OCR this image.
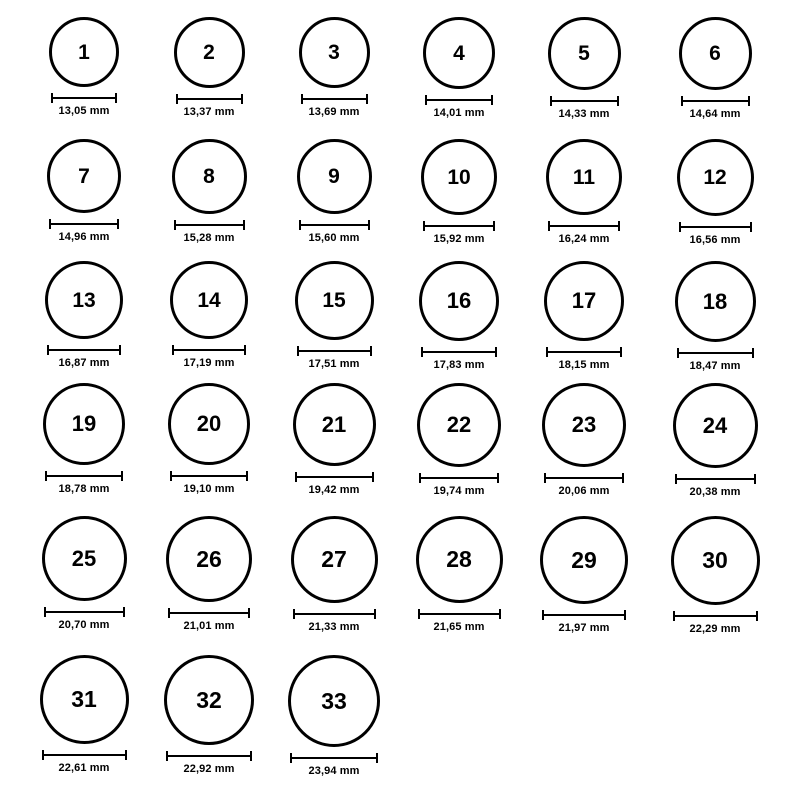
1
13,05 mm
2
13,37 mm
3
13,69 mm
4
14,01 mm
5
14,33 mm
6
14,64 mm
7
14,96 mm
8
15,28 mm
9
15,60 mm
10
15,92 mm
11
16,24 mm
12
16,56 mm
13
16,87 mm
14
17,19 mm
15
17,51 mm
16
17,83 mm
17
18,15 mm
18
18,47 mm
19
18,78 mm
20
19,10 mm
21
19,42 mm
22
19,74 mm
23
20,06 mm
24
20,38 mm
25
20,70 mm
26
21,01 mm
27
21,33 mm
28
21,65 mm
29
21,97 mm
30
22,29 mm
31
22,61 mm
32
22,92 mm
33
23,94 mm
